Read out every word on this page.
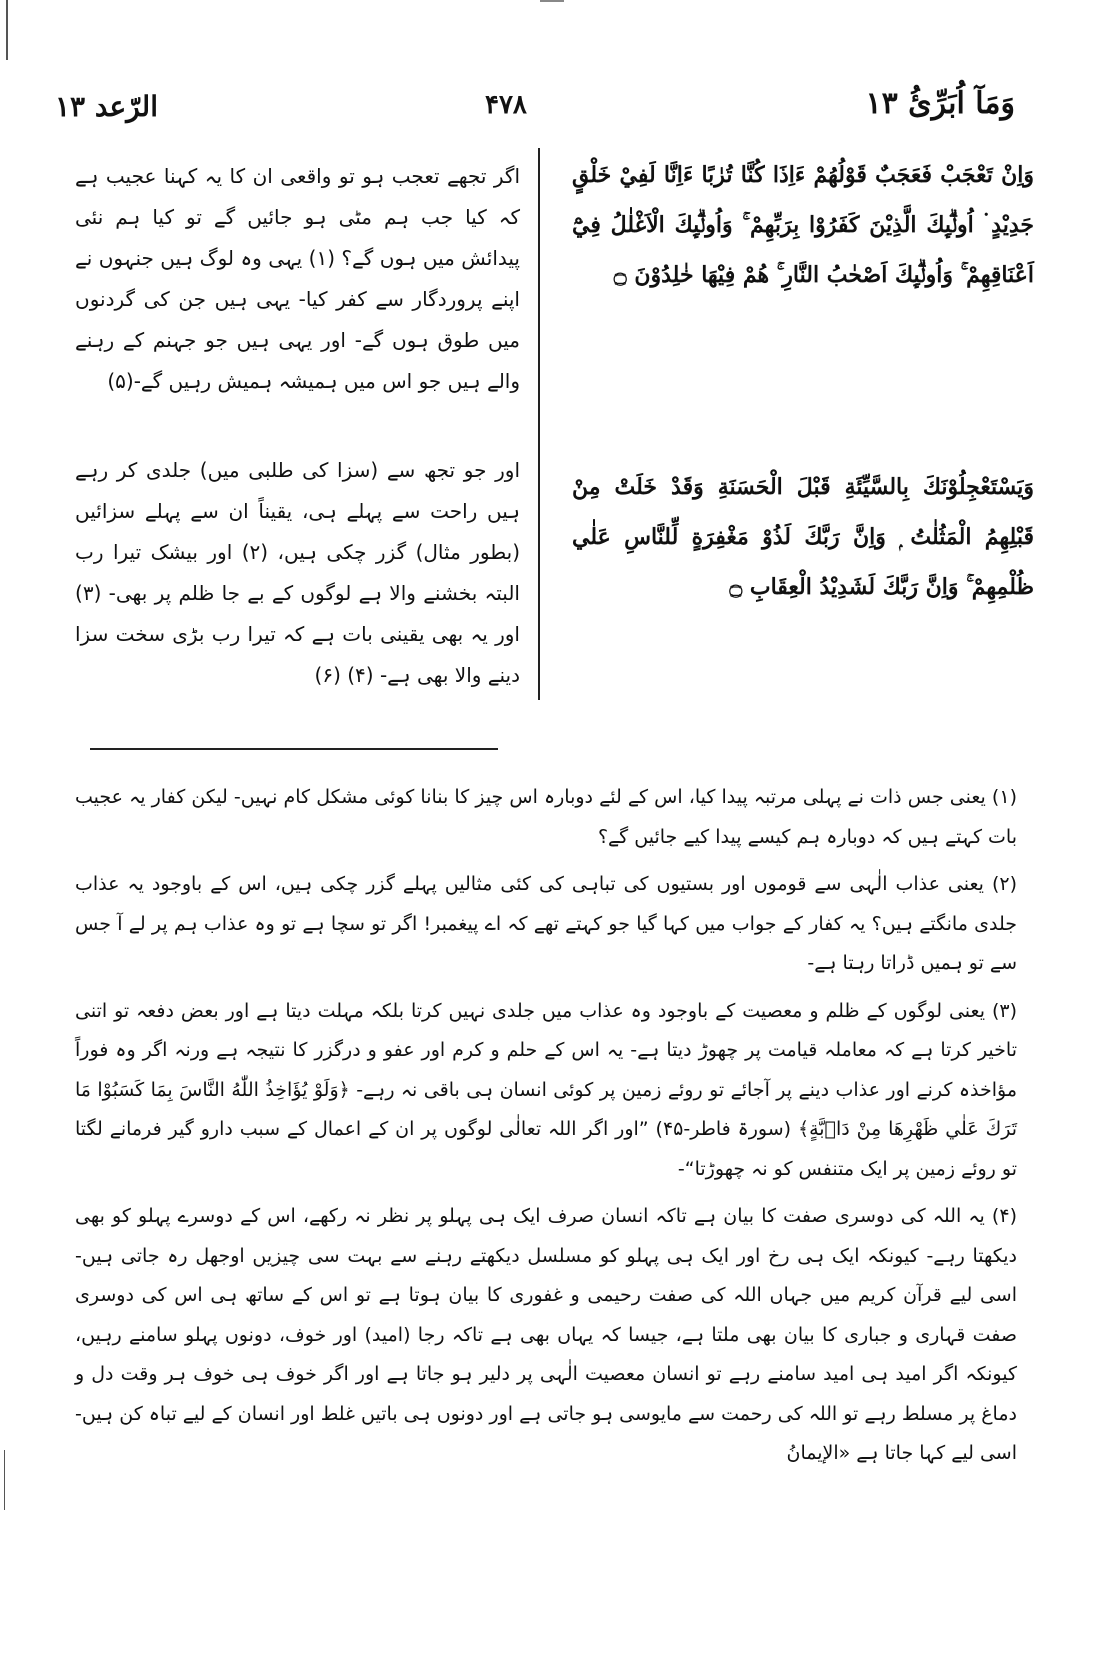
الرّعد ۱۳	۴۷۸	وَمَآ اُبَرِّئُ ۱۳
وَاِنْ تَعْجَبْ فَعَجَبٌ قَوْلُهُمْ ءَاِذَا كُنَّا تُرٰبًا ءَاِنَّا لَفِيْ خَلْقٍ جَدِيْدٍ ۬ اُولٰۗىِٕكَ الَّذِيْنَ كَفَرُوْا بِرَبِّهِمْ ۚ وَاُولٰۗىِٕكَ الْاَغْلٰلُ فِيْٓ اَعْنَاقِهِمْ ۚ وَاُولٰۗىِٕكَ اَصْحٰبُ النَّارِ ۚ هُمْ فِيْهَا خٰلِدُوْنَ ۝

اگر تجھے تعجب ہو تو واقعی ان کا یہ کہنا عجیب ہے کہ کیا جب ہم مٹی ہو جائیں گے تو کیا ہم نئی پیدائش میں ہوں گے؟ (۱) یہی وہ لوگ ہیں جنہوں نے اپنے پروردگار سے کفر کیا- یہی ہیں جن کی گردنوں میں طوق ہوں گے- اور یہی ہیں جو جہنم کے رہنے والے ہیں جو اس میں ہمیشہ ہمیش رہیں گے-(۵)

وَيَسْتَعْجِلُوْنَكَ بِالسَّيِّئَةِ قَبْلَ الْحَسَنَةِ وَقَدْ خَلَتْ مِنْ قَبْلِهِمُ الْمَثُلٰتُ ۭ وَاِنَّ رَبَّكَ لَذُوْ مَغْفِرَةٍ لِّلنَّاسِ عَلٰي ظُلْمِهِمْ ۚ وَاِنَّ رَبَّكَ لَشَدِيْدُ الْعِقَابِ ۝

اور جو تجھ سے (سزا کی طلبی میں) جلدی کر رہے ہیں راحت سے پہلے ہی، یقیناً ان سے پہلے سزائیں (بطور مثال) گزر چکی ہیں، (۲) اور بیشک تیرا رب البتہ بخشنے والا ہے لوگوں کے بے جا ظلم پر بھی- (۳) اور یہ بھی یقینی بات ہے کہ تیرا رب بڑی سخت سزا دینے والا بھی ہے- (۴) (۶)

(۱) یعنی جس ذات نے پہلی مرتبہ پیدا کیا، اس کے لئے دوبارہ اس چیز کا بنانا کوئی مشکل کام نہیں- لیکن کفار یہ عجیب بات کہتے ہیں کہ دوبارہ ہم کیسے پیدا کیے جائیں گے؟

(۲) یعنی عذاب الٰہی سے قوموں اور بستیوں کی تباہی کی کئی مثالیں پہلے گزر چکی ہیں، اس کے باوجود یہ عذاب جلدی مانگتے ہیں؟ یہ کفار کے جواب میں کہا گیا جو کہتے تھے کہ اے پیغمبر! اگر تو سچا ہے تو وہ عذاب ہم پر لے آ جس سے تو ہمیں ڈراتا رہتا ہے-

(۳) یعنی لوگوں کے ظلم و معصیت کے باوجود وہ عذاب میں جلدی نہیں کرتا بلکہ مہلت دیتا ہے اور بعض دفعہ تو اتنی تاخیر کرتا ہے کہ معاملہ قیامت پر چھوڑ دیتا ہے- یہ اس کے حلم و کرم اور عفو و درگزر کا نتیجہ ہے ورنہ اگر وہ فوراً مؤاخذہ کرنے اور عذاب دینے پر آجائے تو روئے زمین پر کوئی انسان ہی باقی نہ رہے- ﴿وَلَوْ يُؤَاخِذُ اللّٰهُ النَّاسَ بِمَا كَسَبُوْا مَا تَرَكَ عَلٰي ظَهْرِهَا مِنْ دَاۗبَّةٍ﴾ (سورۃ فاطر-۴۵) ”اور اگر اللہ تعالٰی لوگوں پر ان کے اعمال کے سبب دارو گیر فرمانے لگتا تو روئے زمین پر ایک متنفس کو نہ چھوڑتا“-

(۴) یہ اللہ کی دوسری صفت کا بیان ہے تاکہ انسان صرف ایک ہی پہلو پر نظر نہ رکھے، اس کے دوسرے پہلو کو بھی دیکھتا رہے- کیونکہ ایک ہی رخ اور ایک ہی پہلو کو مسلسل دیکھتے رہنے سے بہت سی چیزیں اوجھل رہ جاتی ہیں- اسی لیے قرآن کریم میں جہاں اللہ کی صفت رحیمی و غفوری کا بیان ہوتا ہے تو اس کے ساتھ ہی اس کی دوسری صفت قہاری و جباری کا بیان بھی ملتا ہے، جیسا کہ یہاں بھی ہے تاکہ رجا (امید) اور خوف، دونوں پہلو سامنے رہیں، کیونکہ اگر امید ہی امید سامنے رہے تو انسان معصیت الٰہی پر دلیر ہو جاتا ہے اور اگر خوف ہی خوف ہر وقت دل و دماغ پر مسلط رہے تو اللہ کی رحمت سے مایوسی ہو جاتی ہے اور دونوں ہی باتیں غلط اور انسان کے لیے تباہ کن ہیں- اسی لیے کہا جاتا ہے «الإيمانُ
